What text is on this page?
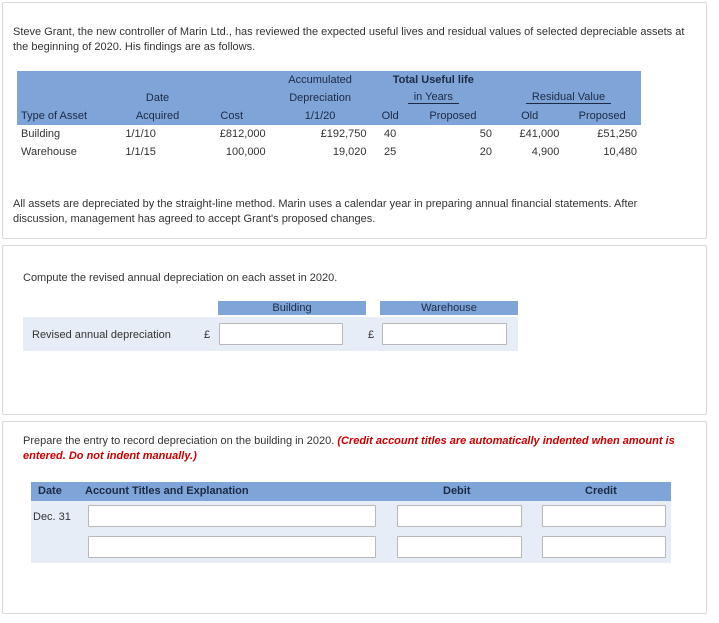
Steve Grant, the new controller of Marin Ltd., has reviewed the expected useful lives and residual values of selected depreciable assets at the beginning of 2020. His findings are as follows.
			Accumulated	Total Useful life			
	Date		Depreciation	in Years		Residual Value	
Type of Asset	Acquired	Cost	1/1/20	Old	Proposed	Old	Proposed
Building	1/1/10	£812,000	£192,750	40	50	£41,000	£51,250
Warehouse	1/1/15	100,000	19,020	25	20	4,900	10,480
All assets are depreciated by the straight-line method. Marin uses a calendar year in preparing annual financial statements. After discussion, management has agreed to accept Grant's proposed changes.
Compute the revised annual depreciation on each asset in 2020.
Building	Warehouse
Revised annual depreciation	£	£
Prepare the entry to record depreciation on the building in 2020. (Credit account titles are automatically indented when amount is entered. Do not indent manually.)
Date Account Titles and Explanation	Debit	Credit
Dec. 31
